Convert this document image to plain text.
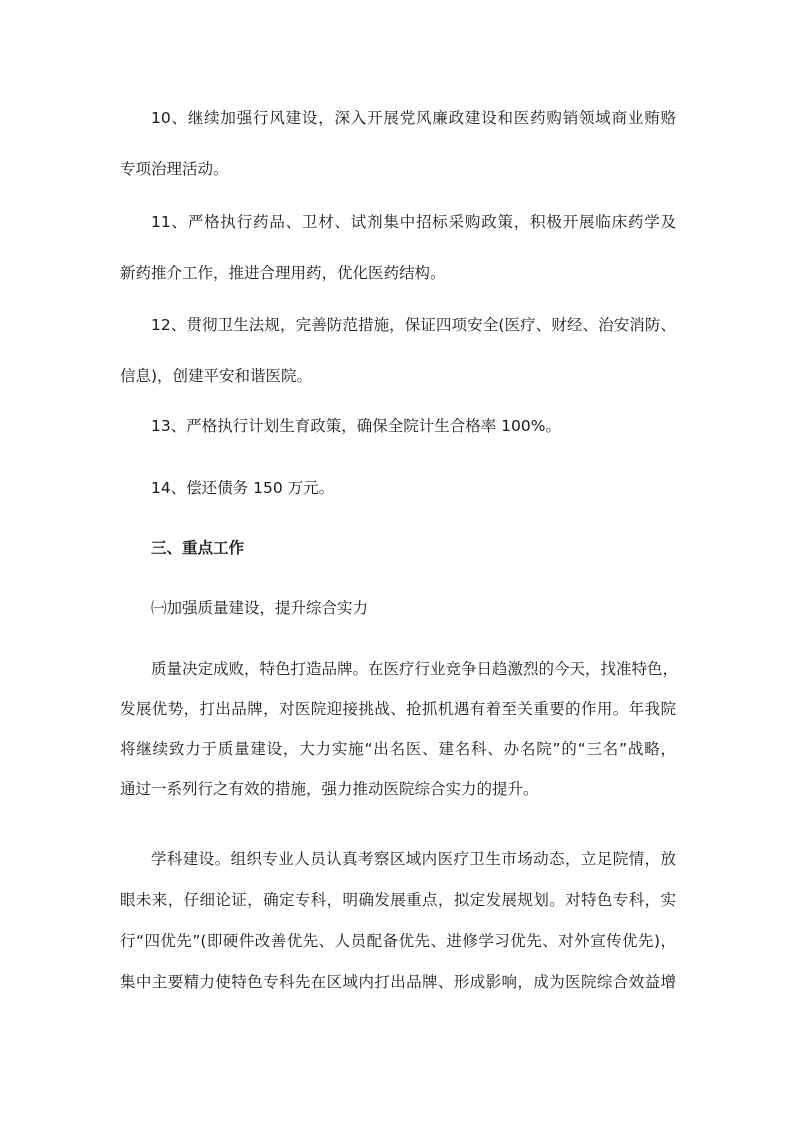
10、继续加强行风建设，深入开展党风廉政建设和医药购销领域商业贿赂
专项治理活动。
11、严格执行药品、卫材、试剂集中招标采购政策，积极开展临床药学及
新药推介工作，推进合理用药，优化医药结构。
12、贯彻卫生法规，完善防范措施，保证四项安全(医疗、财经、治安消防、
信息)，创建平安和谐医院。
13、严格执行计划生育政策，确保全院计生合格率 100%。
14、偿还债务 150 万元。
三、重点工作
㈠加强质量建设，提升综合实力
质量决定成败，特色打造品牌。在医疗行业竞争日趋激烈的今天，找准特色，
发展优势，打出品牌，对医院迎接挑战、抢抓机遇有着至关重要的作用。年我院
将继续致力于质量建设，大力实施“出名医、建名科、办名院”的“三名”战略，
通过一系列行之有效的措施，强力推动医院综合实力的提升。
学科建设。组织专业人员认真考察区域内医疗卫生市场动态，立足院情，放
眼未来，仔细论证，确定专科，明确发展重点，拟定发展规划。对特色专科，实
行“四优先”(即硬件改善优先、人员配备优先、进修学习优先、对外宣传优先)，
集中主要精力使特色专科先在区域内打出品牌、形成影响，成为医院综合效益增
